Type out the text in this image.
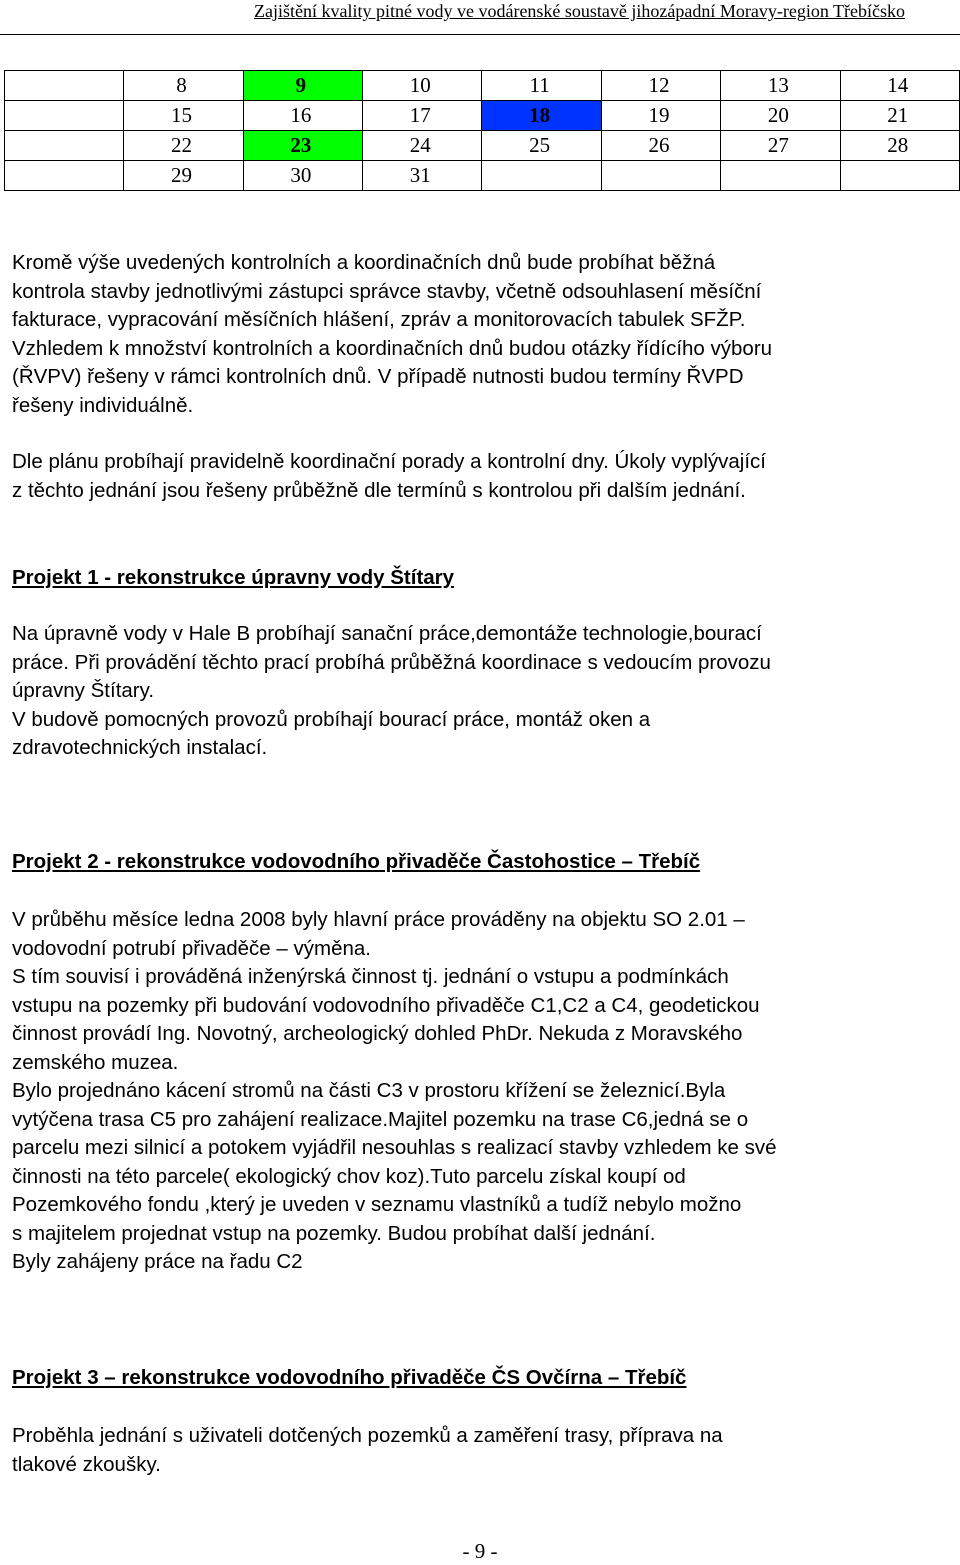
Zajištění kvality pitné vody ve vodárenské soustavě jihozápadní Moravy-region Třebíčsko
	8	9	10	11	12	13	14
	15	16	17	18	19	20	21
	22	23	24	25	26	27	28
	29	30	31				
Kromě výše uvedených kontrolních a koordinačních dnů bude probíhat běžná
kontrola stavby jednotlivými zástupci správce stavby, včetně odsouhlasení měsíční
fakturace, vypracování měsíčních hlášení, zpráv a monitorovacích tabulek SFŽP.
Vzhledem k množství kontrolních a koordinačních dnů budou otázky řídícího výboru
(ŘVPV) řešeny v rámci kontrolních dnů. V případě nutnosti budou termíny ŘVPD
řešeny individuálně.
Dle plánu probíhají pravidelně koordinační porady a kontrolní dny. Úkoly vyplývající
z těchto jednání jsou řešeny průběžně dle termínů s kontrolou při dalším jednání.
Projekt 1 - rekonstrukce úpravny vody Štítary
Na úpravně vody v Hale B probíhají sanační práce,demontáže technologie,bourací
práce. Při provádění těchto prací probíhá průběžná koordinace s vedoucím provozu
úpravny Štítary.
V budově pomocných provozů probíhají bourací práce, montáž oken a
zdravotechnických instalací.
Projekt 2 - rekonstrukce vodovodního přivaděče Častohostice – Třebíč
V průběhu měsíce ledna 2008 byly hlavní práce prováděny na objektu SO 2.01 –
vodovodní potrubí přivaděče – výměna.
S tím souvisí i prováděná inženýrská činnost tj. jednání o vstupu a podmínkách
vstupu na pozemky při budování vodovodního přivaděče C1,C2 a C4, geodetickou
činnost provádí Ing. Novotný, archeologický dohled PhDr. Nekuda z Moravského
zemského muzea.
Bylo projednáno kácení stromů na části C3 v prostoru křížení se železnicí.Byla
vytýčena trasa C5 pro zahájení realizace.Majitel pozemku na trase C6,jedná se o
parcelu mezi silnicí a potokem vyjádřil nesouhlas s realizací stavby vzhledem ke své
činnosti na této parcele( ekologický chov koz).Tuto parcelu získal koupí od
Pozemkového fondu ,který je uveden v seznamu vlastníků a tudíž nebylo možno
s majitelem projednat vstup na pozemky. Budou probíhat další jednání.
Byly zahájeny práce na řadu C2
Projekt 3 – rekonstrukce vodovodního přivaděče ČS Ovčírna – Třebíč
Proběhla jednání s uživateli dotčených pozemků a zaměření trasy, příprava na
tlakové zkoušky.
- 9 -
